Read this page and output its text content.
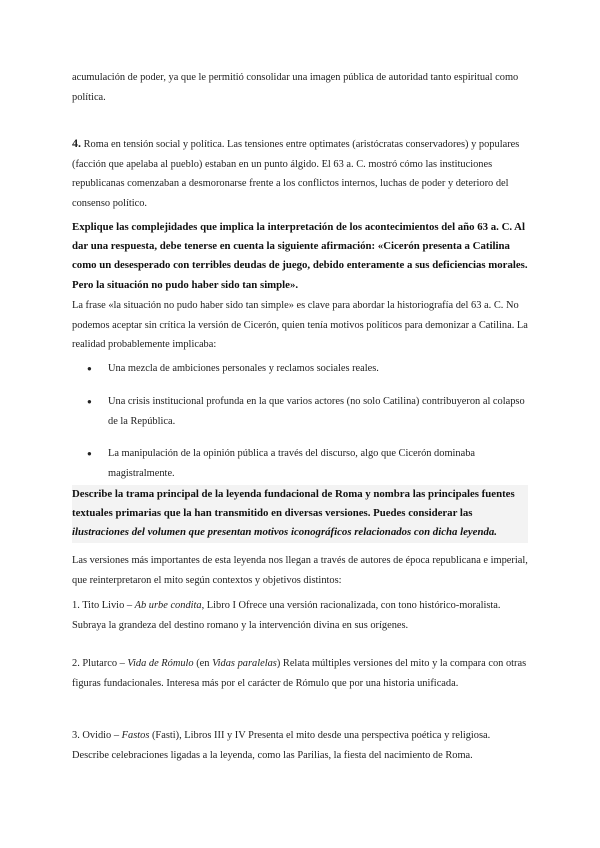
acumulación de poder, ya que le permitió consolidar una imagen pública de autoridad tanto espiritual como política.
4. Roma en tensión social y política. Las tensiones entre optimates (aristócratas conservadores) y populares (facción que apelaba al pueblo) estaban en un punto álgido. El 63 a. C. mostró cómo las instituciones republicanas comenzaban a desmoronarse frente a los conflictos internos, luchas de poder y deterioro del consenso político.
Explique las complejidades que implica la interpretación de los acontecimientos del año 63 a. C. Al dar una respuesta, debe tenerse en cuenta la siguiente afirmación: «Cicerón presenta a Catilina como un desesperado con terribles deudas de juego, debido enteramente a sus deficiencias morales. Pero la situación no pudo haber sido tan simple».
La frase «la situación no pudo haber sido tan simple» es clave para abordar la historiografía del 63 a. C. No podemos aceptar sin crítica la versión de Cicerón, quien tenía motivos políticos para demonizar a Catilina. La realidad probablemente implicaba:
● Una mezcla de ambiciones personales y reclamos sociales reales.
● Una crisis institucional profunda en la que varios actores (no solo Catilina) contribuyeron al colapso de la República.
● La manipulación de la opinión pública a través del discurso, algo que Cicerón dominaba magistralmente.
Describe la trama principal de la leyenda fundacional de Roma y nombra las principales fuentes textuales primarias que la han transmitido en diversas versiones. Puedes considerar las ilustraciones del volumen que presentan motivos iconográficos relacionados con dicha leyenda.
Las versiones más importantes de esta leyenda nos llegan a través de autores de época republicana e imperial, que reinterpretaron el mito según contextos y objetivos distintos:
1. Tito Livio – Ab urbe condita, Libro I Ofrece una versión racionalizada, con tono histórico-moralista. Subraya la grandeza del destino romano y la intervención divina en sus orígenes.
2. Plutarco – Vida de Rómulo (en Vidas paralelas) Relata múltiples versiones del mito y la compara con otras figuras fundacionales. Interesa más por el carácter de Rómulo que por una historia unificada.
3. Ovidio – Fastos (Fasti), Libros III y IV Presenta el mito desde una perspectiva poética y religiosa. Describe celebraciones ligadas a la leyenda, como las Parilias, la fiesta del nacimiento de Roma.
